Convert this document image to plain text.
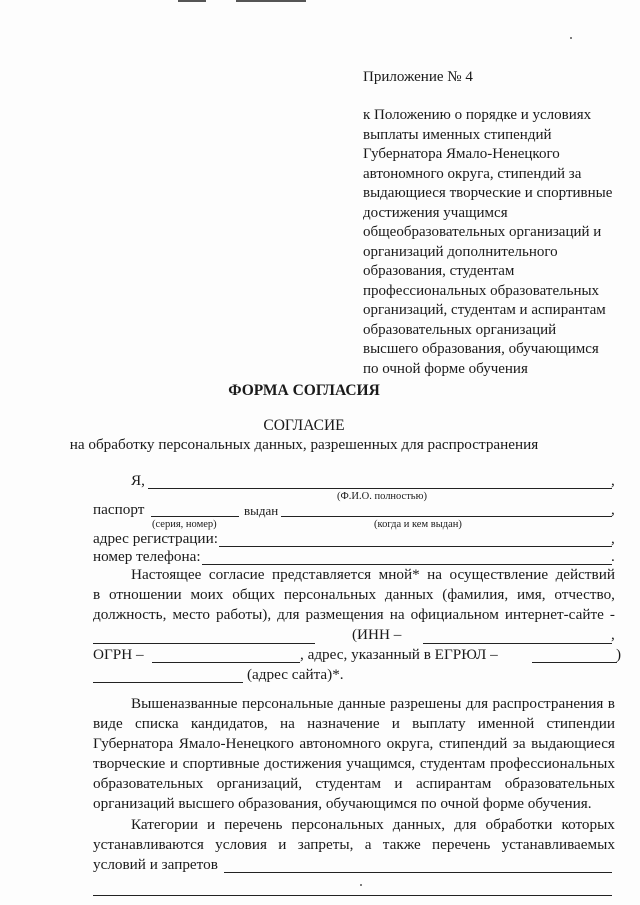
Приложение № 4
к Положению о порядке и условиях
выплаты именных стипендий
Губернатора Ямало-Ненецкого
автономного округа, стипендий за
выдающиеся творческие и спортивные
достижения учащимся
общеобразовательных организаций и
организаций дополнительного
образования, студентам
профессиональных образовательных
организаций, студентам и аспирантам
образовательных организаций
высшего образования, обучающимся
по очной форме обучения
ФОРМА СОГЛАСИЯ
СОГЛАСИЕ
на обработку персональных данных, разрешенных для распространения
Я,	,
(Ф.И.О. полностью)
паспорт	выдан	,
(серия, номер)	(когда и кем выдан)
адрес регистрации:	,
номер телефона:	.
Настоящее согласие представляется мной* на осуществление действий
в отношении моих общих персональных данных (фамилия, имя, отчество,
должность, место работы), для размещения на официальном интернет-сайте -
(ИНН –	,
ОГРН –	, адрес, указанный в ЕГРЮЛ –	)
(адрес сайта)*.
Вышеназванные персональные данные разрешены для распространения в
виде списка кандидатов, на назначение и выплату именной стипендии
Губернатора Ямало-Ненецкого автономного округа, стипендий за выдающиеся
творческие и спортивные достижения учащимся, студентам профессиональных
образовательных организаций, студентам и аспирантам образовательных
организаций высшего образования, обучающимся по очной форме обучения.
Категории и перечень персональных данных, для обработки которых
устанавливаются условия и запреты, а также перечень устанавливаемых
условий и запретов
